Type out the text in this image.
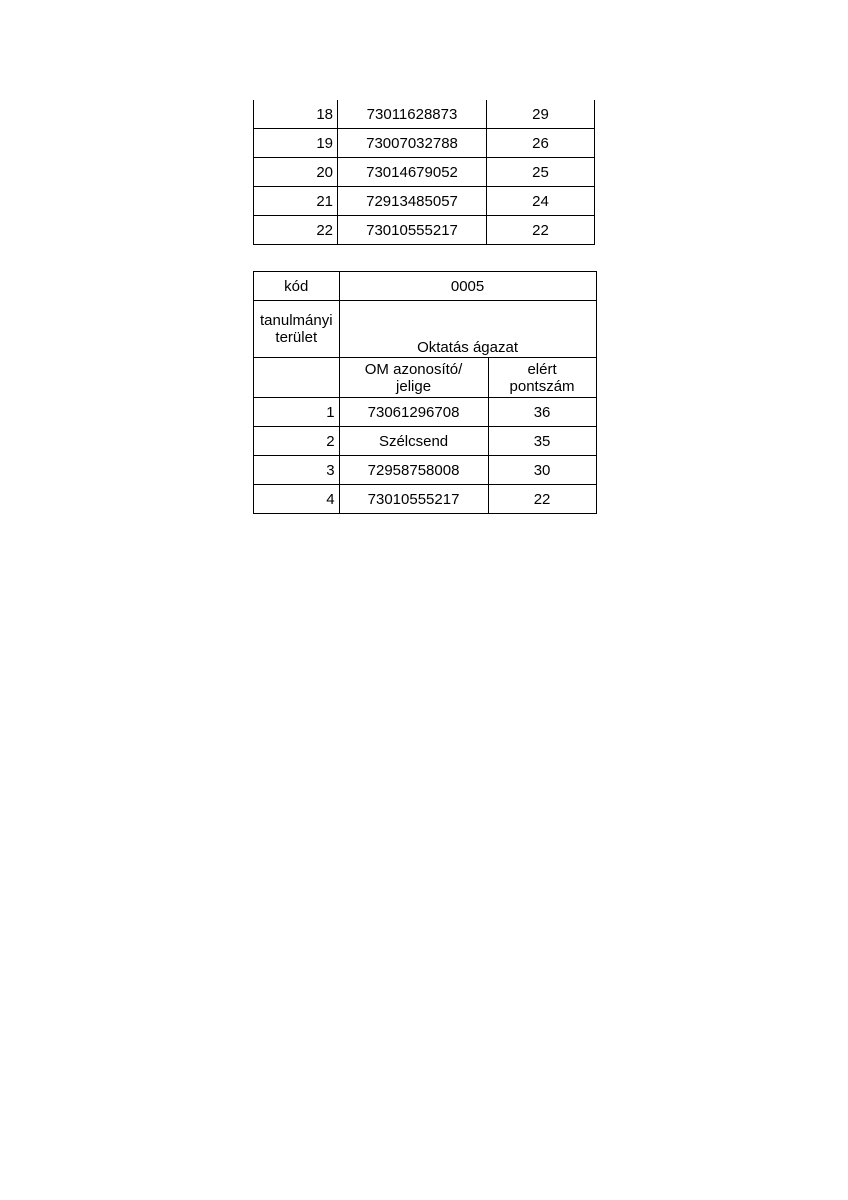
18	73011628873	29
19	73007032788	26
20	73014679052	25
21	72913485057	24
22	73010555217	22
kód	0005	
tanulmányi terület	Oktatás ágazat	
	OM azonosító/ jelige	elért pontszám
1	73061296708	36
2	Szélcsend	35
3	72958758008	30
4	73010555217	22
